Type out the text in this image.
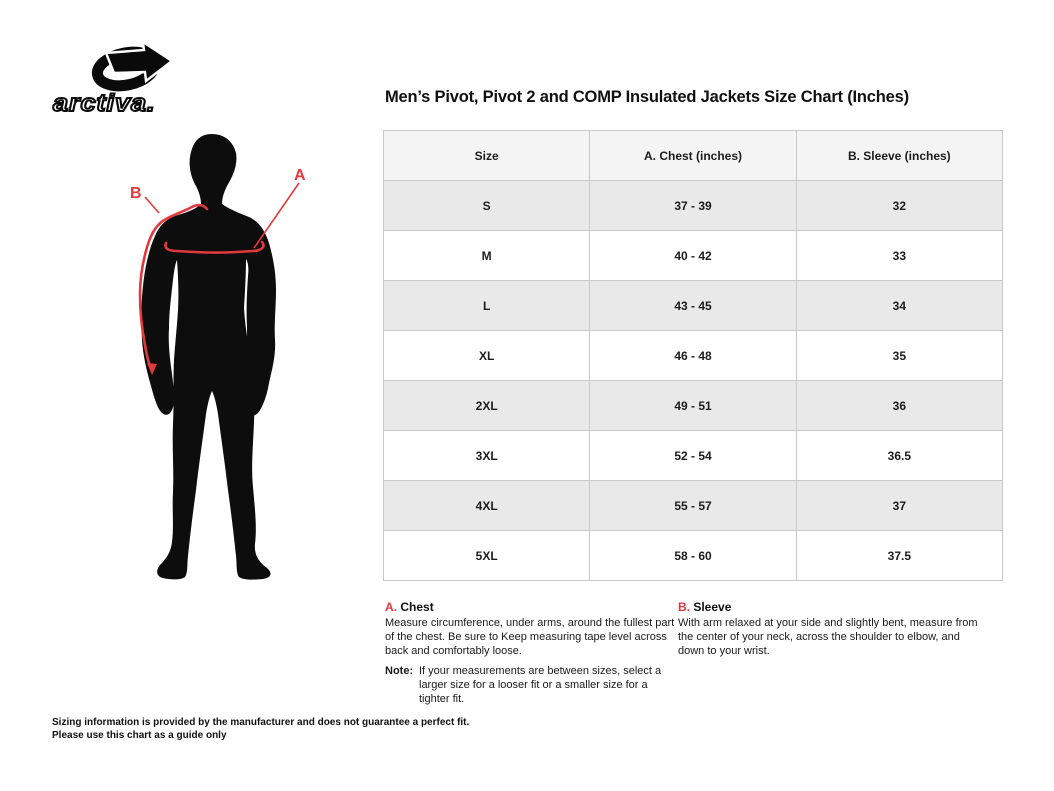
arctiva.	Men’s Pivot, Pivot 2 and COMP Insulated Jackets Size Chart (Inches)
A
B
Size	A. Chest (inches)	B. Sleeve (inches)
S	37 - 39	32
M	40 - 42	33
L	43 - 45	34
XL	46 - 48	35
2XL	49 - 51	36
3XL	52 - 54	36.5
4XL	55 - 57	37
5XL	58 - 60	37.5
A. Chest
Measure circumference, under arms, around the fullest part of the chest. Be sure to Keep measuring tape level across back and comfortably loose.
Note: If your measurements are between sizes, select a larger size for a looser fit or a smaller size for a tighter fit.
B. Sleeve
With arm relaxed at your side and slightly bent, measure from the center of your neck, across the shoulder to elbow, and down to your wrist.
Sizing information is provided by the manufacturer and does not guarantee a perfect fit.
Please use this chart as a guide only
